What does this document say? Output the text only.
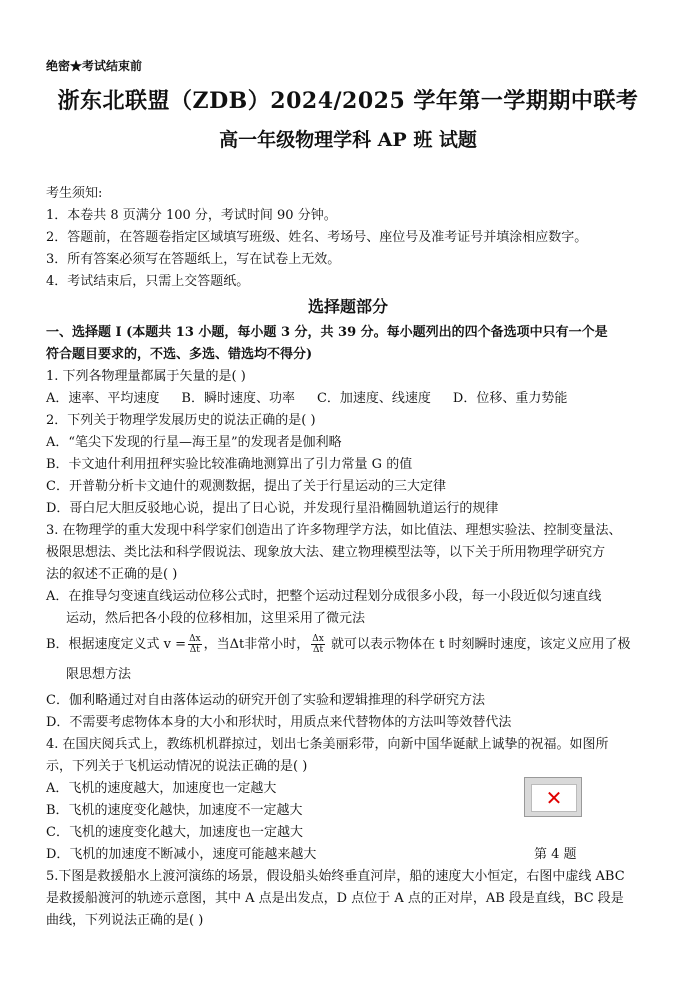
绝密★考试结束前
浙东北联盟（ZDB）2024/2025 学年第一学期期中联考
高一年级物理学科 AP 班 试题
考生须知:
1．本卷共 8 页满分 100 分，考试时间 90 分钟。
2．答题前，在答题卷指定区域填写班级、姓名、考场号、座位号及准考证号并填涂相应数字。
3．所有答案必须写在答题纸上，写在试卷上无效。
4．考试结束后，只需上交答题纸。
选择题部分
一、选择题 I (本题共 13 小题，每小题 3 分，共 39 分。每小题列出的四个备选项中只有一个是
符合题目要求的，不选、多选、错选均不得分)
1. 下列各物理量都属于矢量的是( )
A．速率、平均速度 B．瞬时速度、功率 C．加速度、线速度 D．位移、重力势能
2．下列关于物理学发展历史的说法正确的是( )
A．“笔尖下发现的行星—海王星”的发现者是伽利略
B．卡文迪什利用扭秤实验比较准确地测算出了引力常量 G 的值
C．开普勒分析卡文迪什的观测数据，提出了关于行星运动的三大定律
D．哥白尼大胆反驳地心说，提出了日心说，并发现行星沿椭圆轨道运行的规律
3. 在物理学的重大发现中科学家们创造出了许多物理学方法，如比值法、理想实验法、控制变量法、
极限思想法、类比法和科学假说法、现象放大法、建立物理模型法等，以下关于所用物理学研究方
法的叙述不正确的是( )
A．在推导匀变速直线运动位移公式时，把整个运动过程划分成很多小段，每一小段近似匀速直线
运动，然后把各小段的位移相加，这里采用了微元法
B．根据速度定义式 $v = \frac{\Delta x}{\Delta t}$ ，当Δt非常小时， $\frac{\Delta x}{\Delta t}$ 就可以表示物体在 t 时刻瞬时速度，该定义应用了极
限思想方法
C．伽利略通过对自由落体运动的研究开创了实验和逻辑推理的科学研究方法
D．不需要考虑物体本身的大小和形状时，用质点来代替物体的方法叫等效替代法
4. 在国庆阅兵式上，教练机机群掠过，划出七条美丽彩带，向新中国华诞献上诚挚的祝福。如图所
示，下列关于飞机运动情况的说法正确的是( )
✕
A．飞机的速度越大，加速度也一定越大
B．飞机的速度变化越快，加速度不一定越大
C．飞机的速度变化越大，加速度也一定越大
D．飞机的加速度不断减小，速度可能越来越大	第 4 题
5.下图是救援船水上渡河演练的场景，假设船头始终垂直河岸，船的速度大小恒定，右图中虚线 ABC
是救援船渡河的轨迹示意图，其中 A 点是出发点，D 点位于 A 点的正对岸，AB 段是直线，BC 段是
曲线，下列说法正确的是( )
